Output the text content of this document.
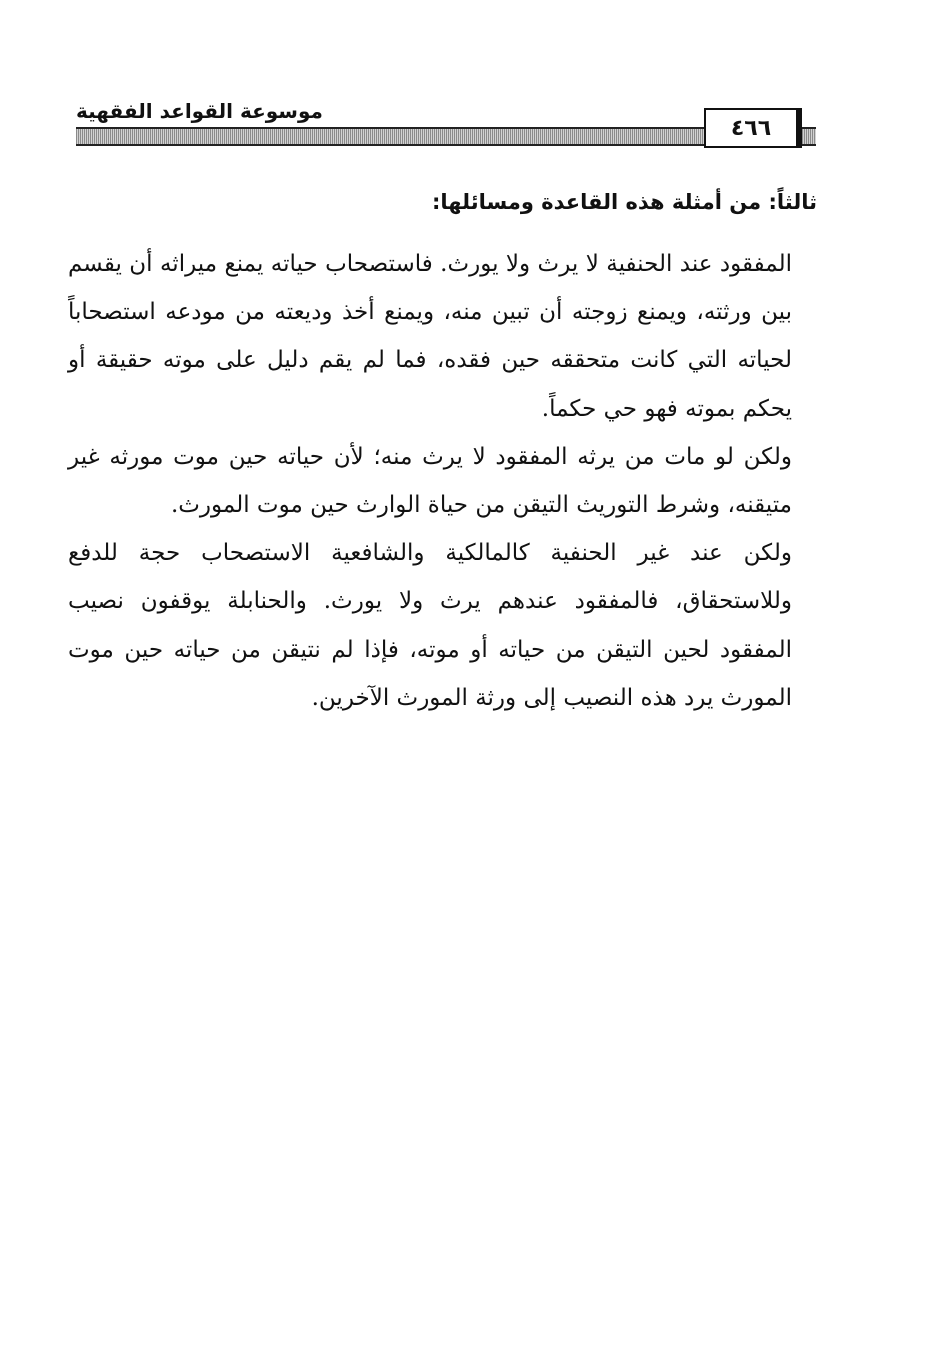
٤٦٦
موسوعة القواعد الفقهية
ثالثاً: من أمثلة هذه القاعدة ومسائلها:

المفقود عند الحنفية لا يرث ولا يورث. فاستصحاب حياته يمنع ميراثه أن يقسم بين ورثته، ويمنع زوجته أن تبين منه، ويمنع أخذ وديعته من مودعه استصحاباً لحياته التي كانت متحققه حين فقده، فما لم يقم دليل على موته حقيقة أو يحكم بموته فهو حي حكماً.

ولكن لو مات من يرثه المفقود لا يرث منه؛ لأن حياته حين موت مورثه غير متيقنه، وشرط التوريث التيقن من حياة الوارث حين موت المورث.

ولكن عند غير الحنفية كالمالكية والشافعية الاستصحاب حجة للدفع وللاستحقاق، فالمفقود عندهم يرث ولا يورث. والحنابلة يوقفون نصيب المفقود لحين التيقن من حياته أو موته، فإذا لم نتيقن من حياته حين موت المورث يرد هذه النصيب إلى ورثة المورث الآخرين.
